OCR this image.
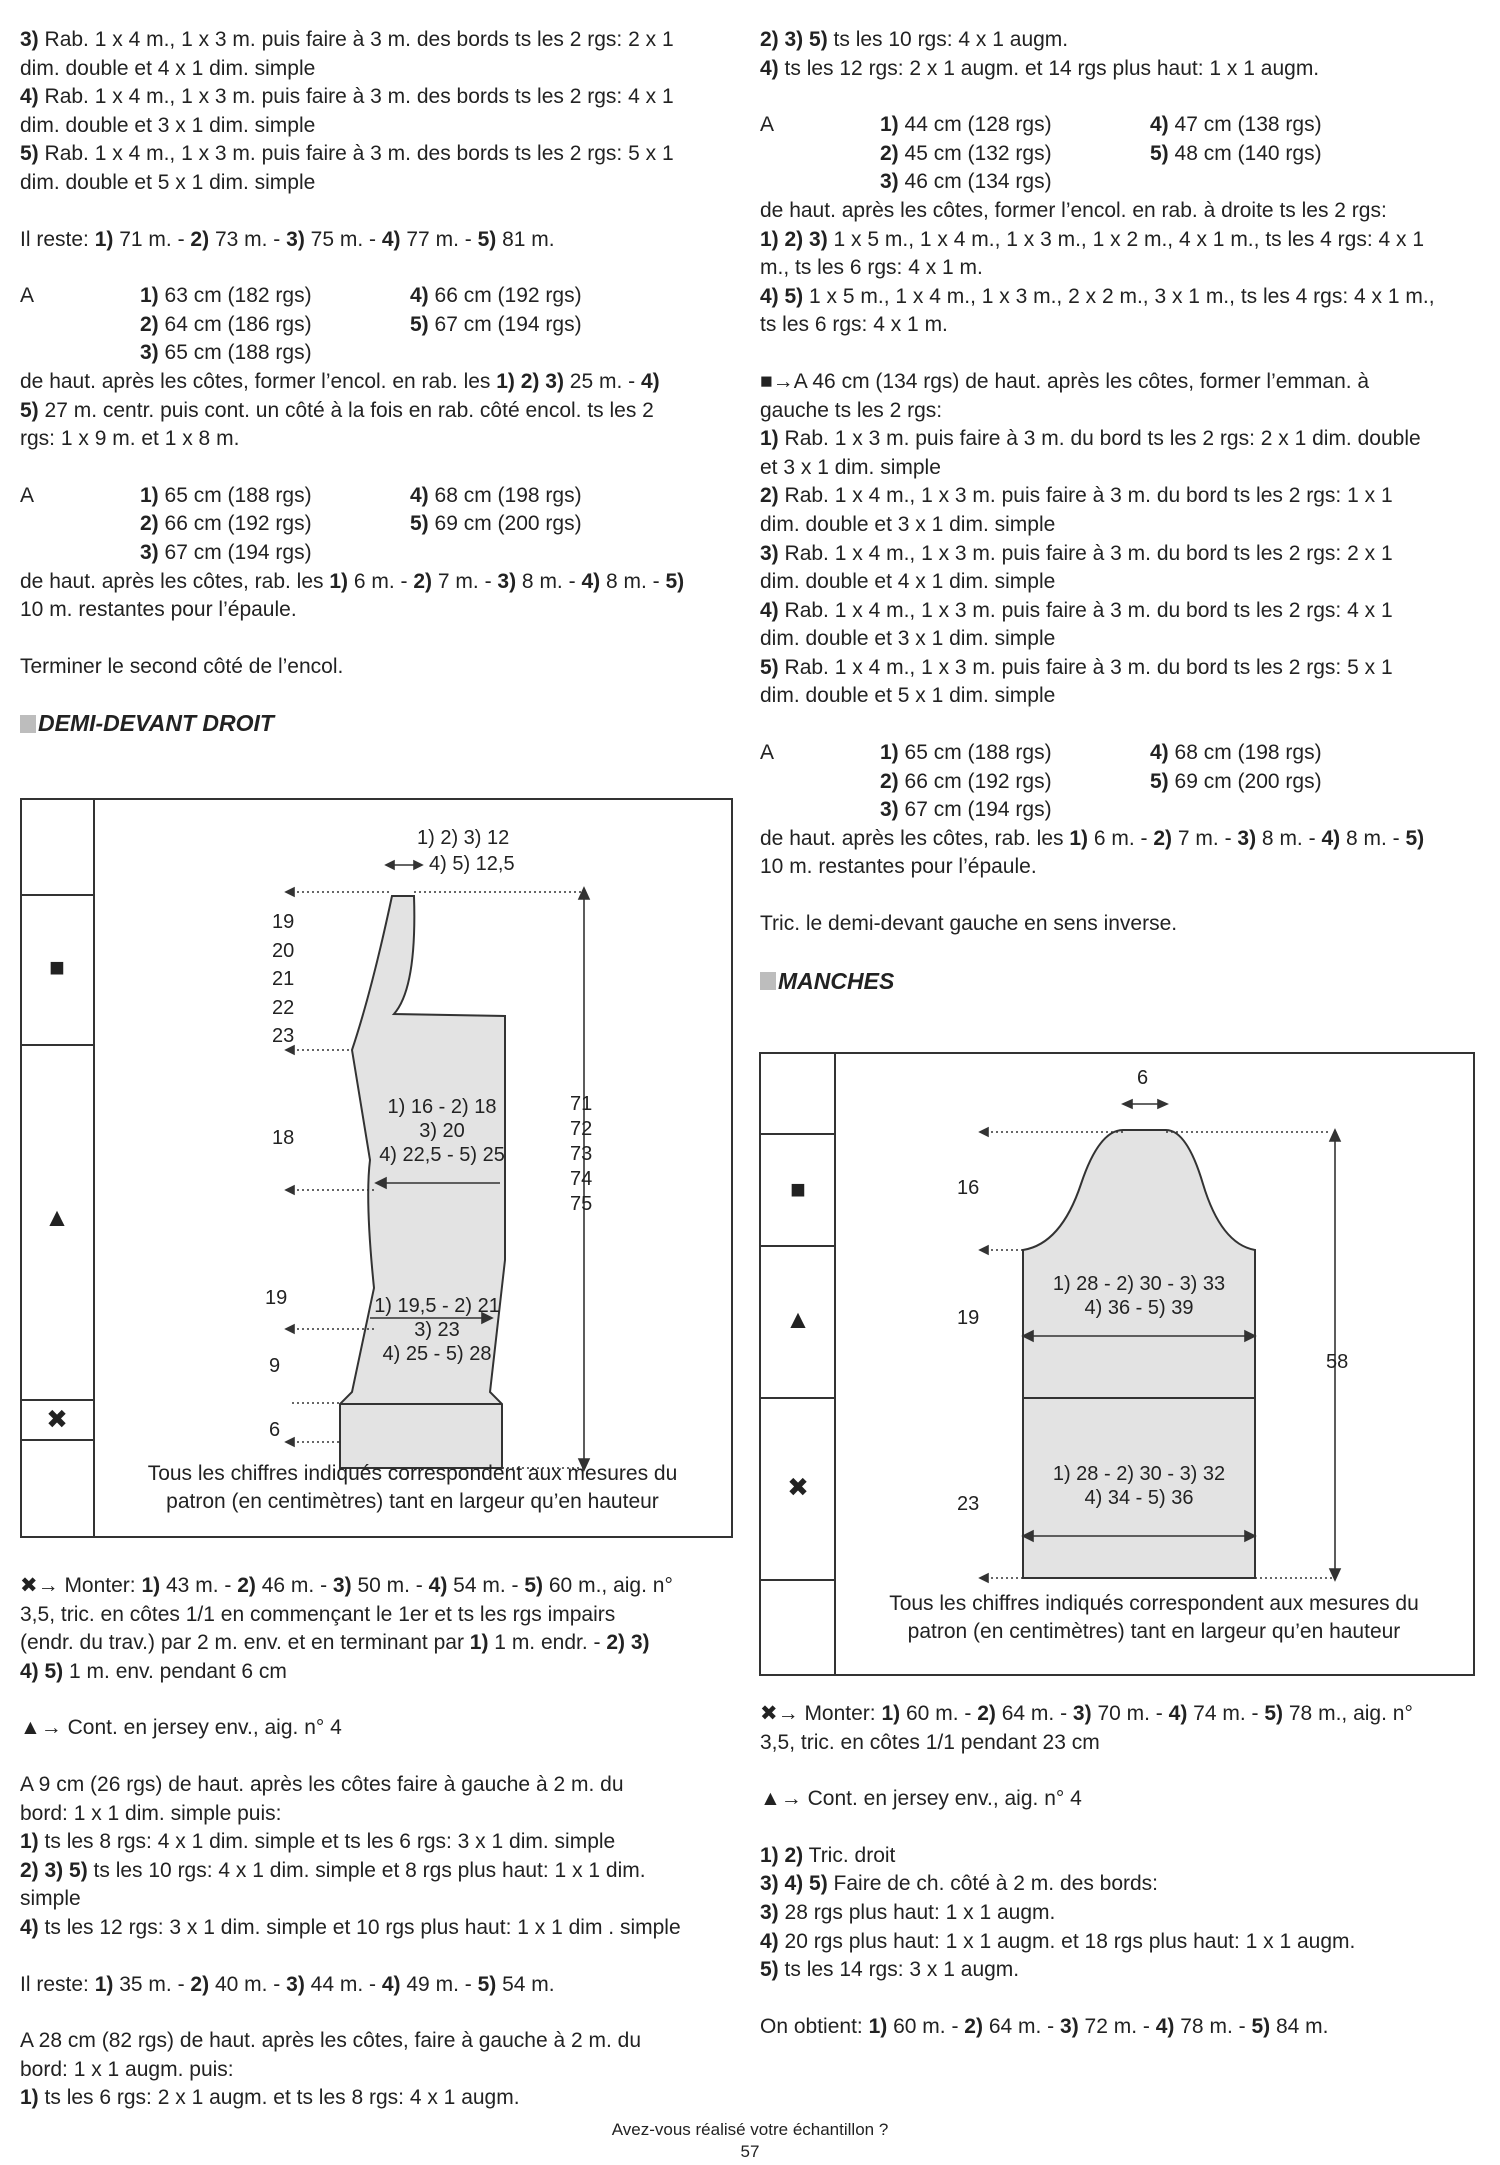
3) Rab. 1 x 4 m., 1 x 3 m. puis faire à 3 m. des bords ts les 2 rgs: 2 x 1
dim. double et 4 x 1 dim. simple
4) Rab. 1 x 4 m., 1 x 3 m. puis faire à 3 m. des bords ts les 2 rgs: 4 x 1
dim. double et 3 x 1 dim. simple
5) Rab. 1 x 4 m., 1 x 3 m. puis faire à 3 m. des bords ts les 2 rgs: 5 x 1
dim. double et 5 x 1 dim. simple

Il reste: 1) 71 m. - 2) 73 m. - 3) 75 m. - 4) 77 m. - 5) 81 m.

A	1) 63 cm (182 rgs)	4) 66 cm (192 rgs)
2) 64 cm (186 rgs)	5) 67 cm (194 rgs)
3) 65 cm (188 rgs)
de haut. après les côtes, former l’encol. en rab. les 1) 2) 3) 25 m. - 4)
5) 27 m. centr. puis cont. un côté à la fois en rab. côté encol. ts les 2
rgs: 1 x 9 m. et 1 x 8 m.
A	1) 65 cm (188 rgs)	4) 68 cm (198 rgs)
2) 66 cm (192 rgs)	5) 69 cm (200 rgs)
3) 67 cm (194 rgs)
de haut. après les côtes, rab. les 1) 6 m. - 2) 7 m. - 3) 8 m. - 4) 8 m. - 5)
10 m. restantes pour l’épaule.

Terminer le second côté de l’encol.

DEMI-DEVANT DROIT

✖→ Monter: 1) 43 m. - 2) 46 m. - 3) 50 m. - 4) 54 m. - 5) 60 m., aig. n°
3,5, tric. en côtes 1/1 en commençant le 1er et ts les rgs impairs
(endr. du trav.) par 2 m. env. et en terminant par 1) 1 m. endr. - 2) 3)
4) 5) 1 m. env. pendant 6 cm

▲→ Cont. en jersey env., aig. n° 4

A 9 cm (26 rgs) de haut. après les côtes faire à gauche à 2 m. du
bord: 1 x 1 dim. simple puis:
1) ts les 8 rgs: 4 x 1 dim. simple et ts les 6 rgs: 3 x 1 dim. simple
2) 3) 5) ts les 10 rgs: 4 x 1 dim. simple et 8 rgs plus haut: 1 x 1 dim.
simple
4) ts les 12 rgs: 3 x 1 dim. simple et 10 rgs plus haut: 1 x 1 dim . simple

Il reste: 1) 35 m. - 2) 40 m. - 3) 44 m. - 4) 49 m. - 5) 54 m.

A 28 cm (82 rgs) de haut. après les côtes, faire à gauche à 2 m. du
bord: 1 x 1 augm. puis:
1) ts les 6 rgs: 2 x 1 augm. et ts les 8 rgs: 4 x 1 augm.

■
▲
✖
1) 2) 3) 12
4) 5) 12,5
19
20
21
22
23
18
19
9
6
71
72
73
74
75
1) 16 - 2) 18
3) 20
4) 22,5 - 5) 25
1) 19,5 - 2) 21
3) 23
4) 25 - 5) 28
Tous les chiffres indiqués correspondent aux mesures du
patron (en centimètres) tant en largeur qu’en hauteur

2) 3) 5) ts les 10 rgs: 4 x 1 augm.
4) ts les 12 rgs: 2 x 1 augm. et 14 rgs plus haut: 1 x 1 augm.

A	1) 44 cm (128 rgs)	4) 47 cm (138 rgs)
2) 45 cm (132 rgs)	5) 48 cm (140 rgs)
3) 46 cm (134 rgs)
de haut. après les côtes, former l’encol. en rab. à droite ts les 2 rgs:
1) 2) 3) 1 x 5 m., 1 x 4 m., 1 x 3 m., 1 x 2 m., 4 x 1 m., ts les 4 rgs: 4 x 1
m., ts les 6 rgs: 4 x 1 m.
4) 5) 1 x 5 m., 1 x 4 m., 1 x 3 m., 2 x 2 m., 3 x 1 m., ts les 4 rgs: 4 x 1 m.,
ts les 6 rgs: 4 x 1 m.

■→A 46 cm (134 rgs) de haut. après les côtes, former l’emman. à
gauche ts les 2 rgs:
1) Rab. 1 x 3 m. puis faire à 3 m. du bord ts les 2 rgs: 2 x 1 dim. double
et 3 x 1 dim. simple
2) Rab. 1 x 4 m., 1 x 3 m. puis faire à 3 m. du bord ts les 2 rgs: 1 x 1
dim. double et 3 x 1 dim. simple
3) Rab. 1 x 4 m., 1 x 3 m. puis faire à 3 m. du bord ts les 2 rgs: 2 x 1
dim. double et 4 x 1 dim. simple
4) Rab. 1 x 4 m., 1 x 3 m. puis faire à 3 m. du bord ts les 2 rgs: 4 x 1
dim. double et 3 x 1 dim. simple
5) Rab. 1 x 4 m., 1 x 3 m. puis faire à 3 m. du bord ts les 2 rgs: 5 x 1
dim. double et 5 x 1 dim. simple

A	1) 65 cm (188 rgs)	4) 68 cm (198 rgs)
2) 66 cm (192 rgs)	5) 69 cm (200 rgs)
3) 67 cm (194 rgs)
de haut. après les côtes, rab. les 1) 6 m. - 2) 7 m. - 3) 8 m. - 4) 8 m. - 5)
10 m. restantes pour l’épaule.

Tric. le demi-devant gauche en sens inverse.

MANCHES

✖→ Monter: 1) 60 m. - 2) 64 m. - 3) 70 m. - 4) 74 m. - 5) 78 m., aig. n°
3,5, tric. en côtes 1/1 pendant 23 cm

▲→ Cont. en jersey env., aig. n° 4

1) 2) Tric. droit
3) 4) 5) Faire de ch. côté à 2 m. des bords:
3) 28 rgs plus haut: 1 x 1 augm.
4) 20 rgs plus haut: 1 x 1 augm. et 18 rgs plus haut: 1 x 1 augm.
5) ts les 14 rgs: 3 x 1 augm.

On obtient: 1) 60 m. - 2) 64 m. - 3) 72 m. - 4) 78 m. - 5) 84 m.

■
▲
✖
6
16
19
23
58
1) 28 - 2) 30 - 3) 33
4) 36 - 5) 39
1) 28 - 2) 30 - 3) 32
4) 34 - 5) 36
Tous les chiffres indiqués correspondent aux mesures du
patron (en centimètres) tant en largeur qu’en hauteur
Avez-vous réalisé votre échantillon ?
57
